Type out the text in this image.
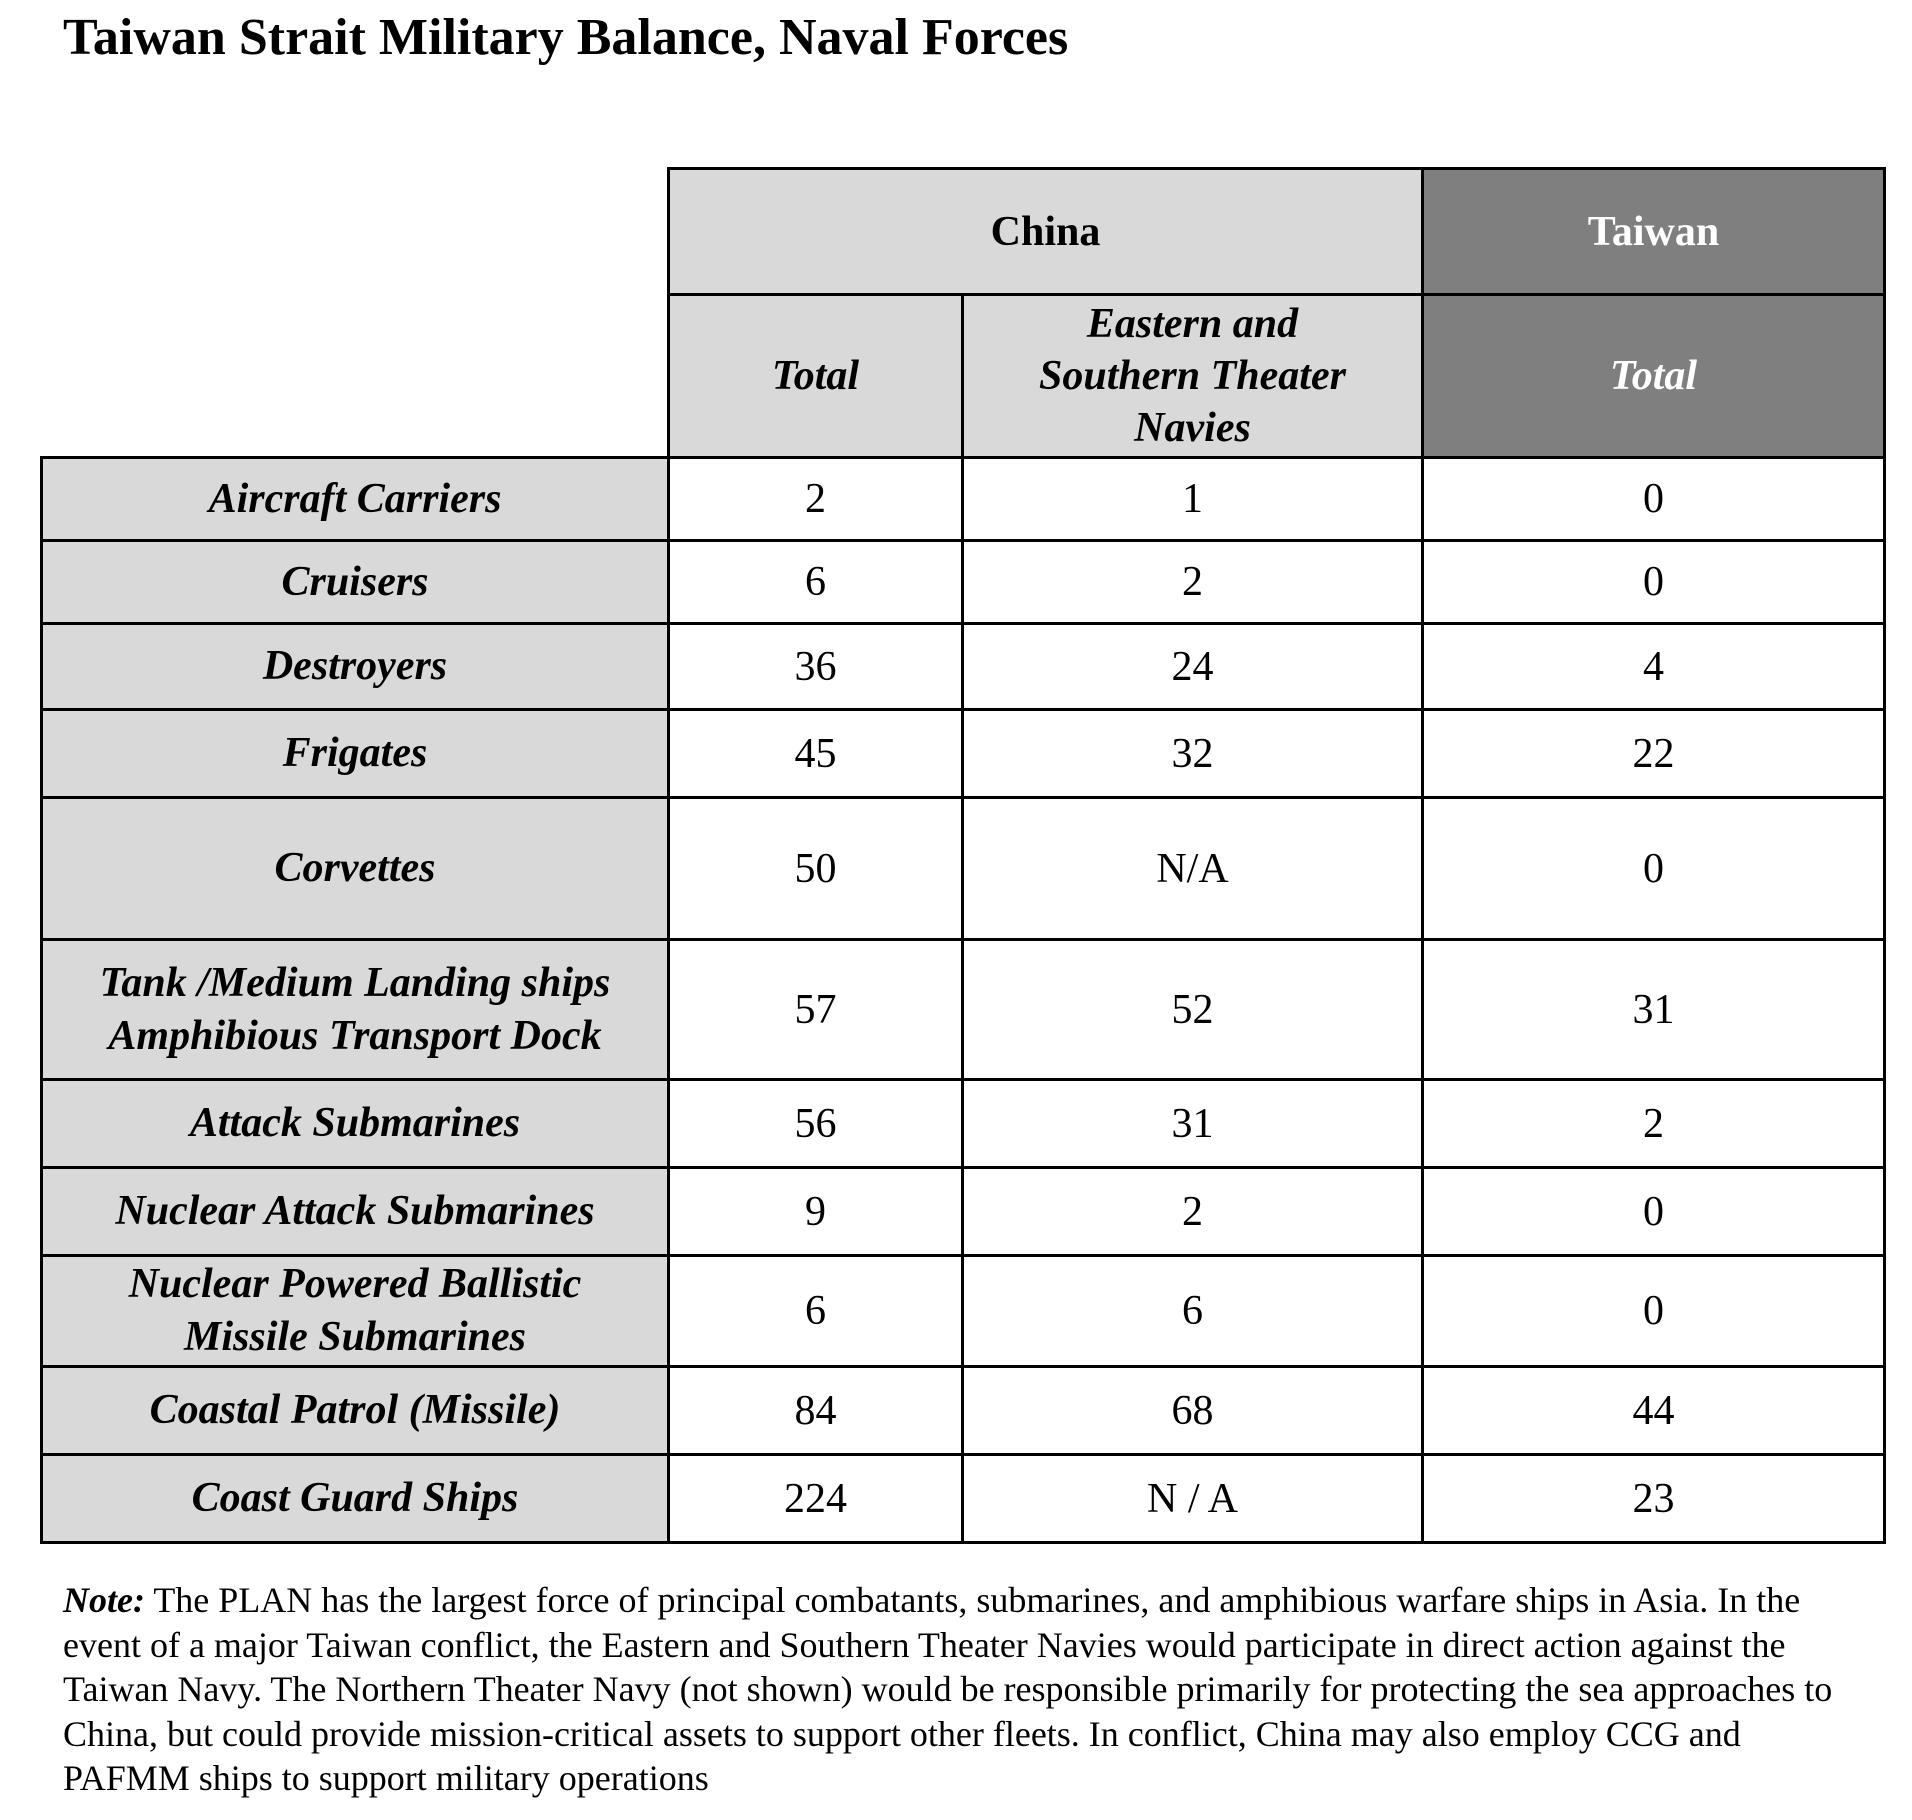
Taiwan Strait Military Balance, Naval Forces
	China		Taiwan
	Total	Eastern and
Southern Theater
Navies	Total

Aircraft Carriers	2	1	0

Cruisers	6	2	0

Destroyers	36	24	4

Frigates	45	32	22

Corvettes	50	N/A	0

Tank /Medium Landing ships
Amphibious Transport Dock	57	52	31

Attack Submarines	56	31	2

Nuclear Attack Submarines	9	2	0

Nuclear Powered Ballistic
Missile Submarines	6	6	0

Coastal Patrol (Missile)	84	68	44

Coast Guard Ships	224	N / A	23
Note: The PLAN has the largest force of principal combatants, submarines, and amphibious warfare ships in Asia. In the event of a major Taiwan conflict, the Eastern and Southern Theater Navies would participate in direct action against the Taiwan Navy. The Northern Theater Navy (not shown) would be responsible primarily for protecting the sea approaches to China, but could provide mission-critical assets to support other fleets. In conflict, China may also employ CCG and PAFMM ships to support military operations
